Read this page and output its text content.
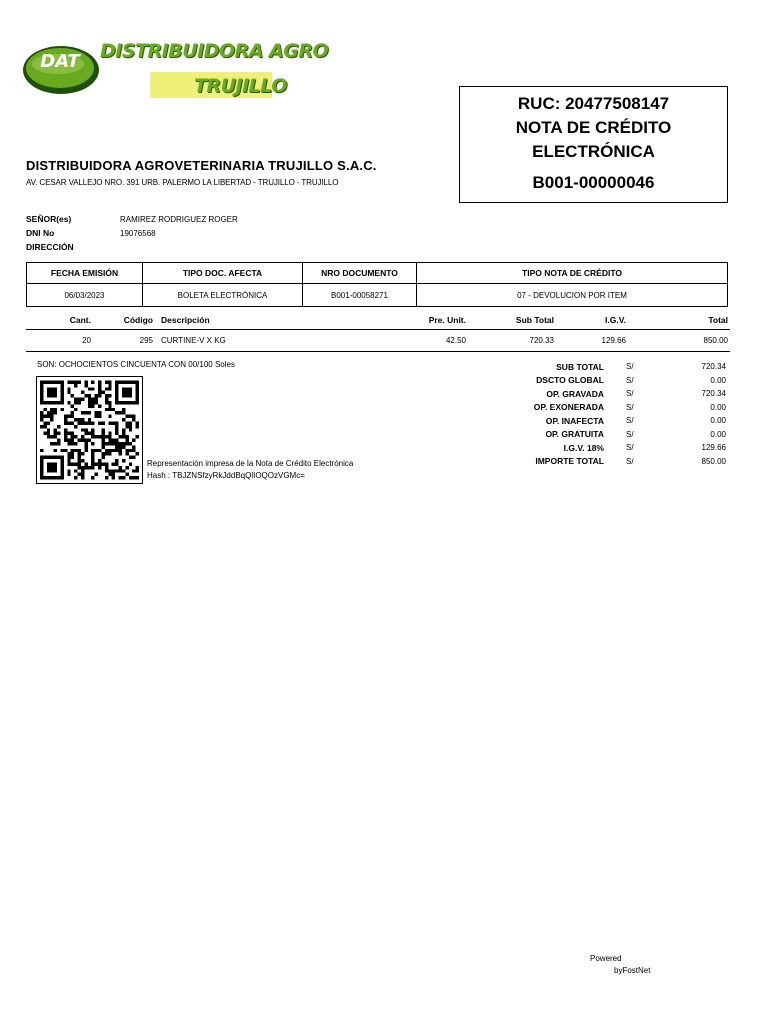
DAT	DISTRIBUIDORA AGRO
TRUJILLO
DISTRIBUIDORA AGROVETERINARIA TRUJILLO S.A.C.
AV. CESAR VALLEJO NRO. 391 URB. PALERMO LA LIBERTAD - TRUJILLO - TRUJILLO
RUC: 20477508147
NOTA DE CRÉDITO
ELECTRÓNICA
B001-00000046
SEÑOR(es)	RAMIREZ RODRIGUEZ ROGER
DNI No	19076568
DIRECCIÓN
FECHA EMISIÓN	TIPO DOC. AFECTA	NRO DOCUMENTO	TIPO NOTA DE CRÉDITO
06/03/2023	BOLETA ELECTRÓNICA	B001-00058271	07 - DEVOLUCION POR ITEM
Cant.	Código	Descripción	Pre. Unit.	Sub Total	I.G.V.	Total
20	295	CURTINE-V X KG	42.50	720.33	129.66	850.00
SON: OCHOCIENTOS CINCUENTA CON 00/100 Soles
Representación impresa de la Nota de Crédito Electrónica
Hash : TBJZNSfzyRkJddBqQlIOQOzVGMc=
SUB TOTAL	S/	720.34
DSCTO GLOBAL	S/	0.00
OP. GRAVADA	S/	720.34
OP. EXONERADA	S/	0.00
OP. INAFECTA	S/	0.00
OP. GRATUITA	S/	0.00
I.G.V. 18%	S/	129.66
IMPORTE TOTAL	S/	850.00
Powered
byFostNet
